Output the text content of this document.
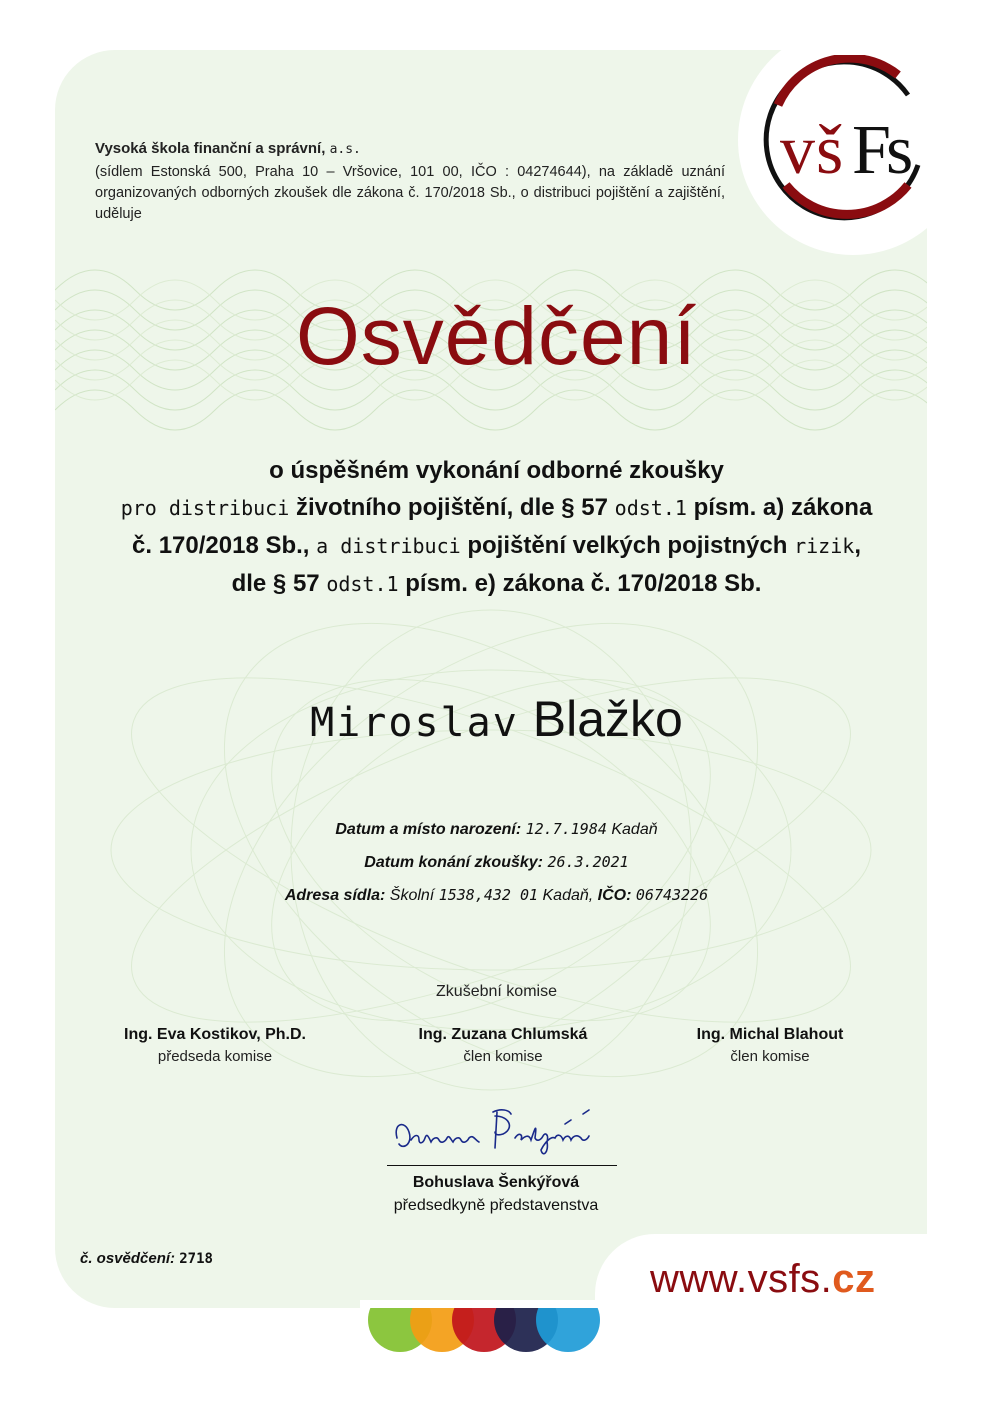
v š F
s
Vysoká škola finanční a správní, a.s.
(sídlem Estonská 500, Praha 10 – Vršovice, 101 00, IČO : 04274644), na základě uznání organizovaných odborných zkoušek dle zákona č. 170/2018 Sb., o distribuci pojištění a zajištění, uděluje
Osvědčení
o úspěšném vykonání odborné zkoušky
pro distribuci životního pojištění, dle § 57 odst.1 písm. a) zákona
č. 170/2018 Sb., a distribuci pojištění velkých pojistných rizik,
dle § 57 odst.1 písm. e) zákona č. 170/2018 Sb.
Miroslav Blažko
Datum a místo narození: 12.7.1984 Kadaň
Datum konání zkoušky: 26.3.2021
Adresa sídla: Školní 1538,432 01 Kadaň, IČO: 06743226
Zkušební komise
Ing. Eva Kostikov, Ph.D.
předseda komise
Ing. Zuzana Chlumská
člen komise
Ing. Michal Blahout
člen komise
Bohuslava Šenkýřová
předsedkyně představenstva
č. osvědčení: 2718	www.vsfs.cz
